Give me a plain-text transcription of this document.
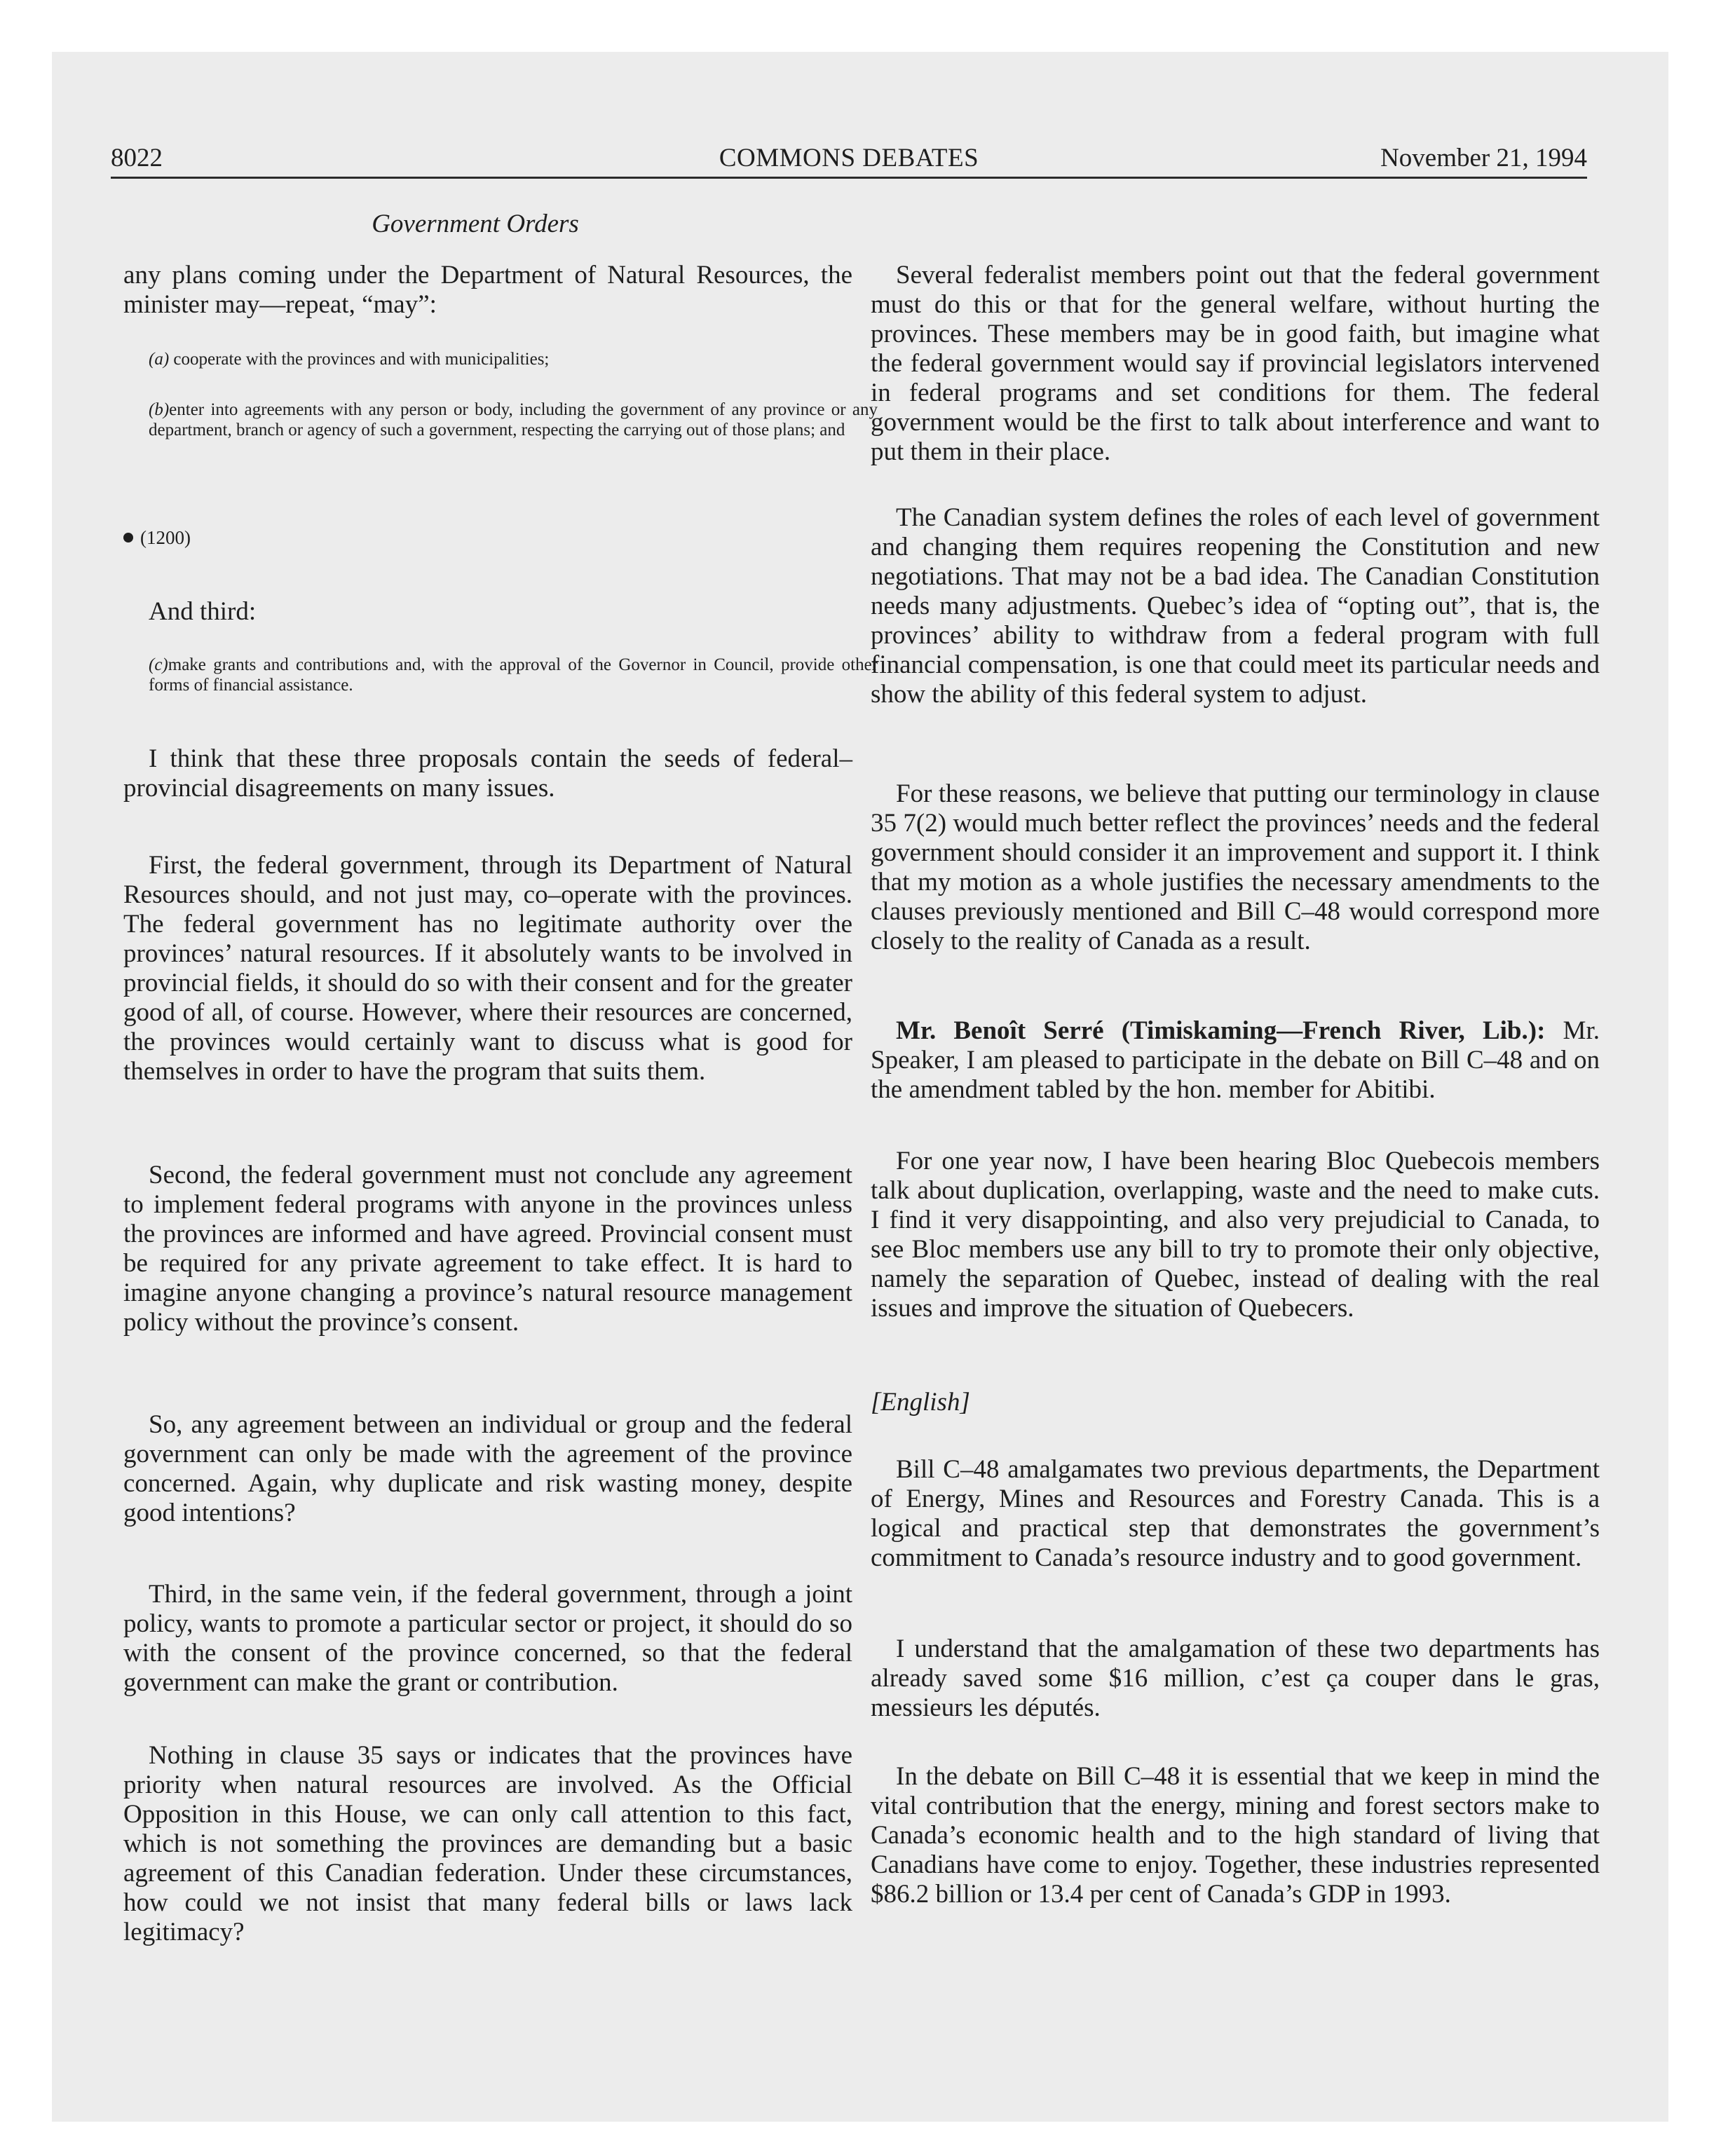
8022	COMMONS DEBATES	November 21, 1994
Government Orders

any plans coming under the Department of Natural Resources, the minister may—repeat, “may”:

(a) cooperate with the provinces and with municipalities;
(b)enter into agreements with any person or body, including the government of any province or any department, branch or agency of such a government, respecting the carrying out of those plans; and
(1200)

And third:

(c)make grants and contributions and, with the approval of the Governor in Council, provide other forms of financial assistance.

I think that these three proposals contain the seeds of federal–provincial disagreements on many issues.

First, the federal government, through its Department of Natural Resources should, and not just may, co–operate with the provinces. The federal government has no legitimate authority over the provinces’ natural resources. If it absolutely wants to be involved in provincial fields, it should do so with their consent and for the greater good of all, of course. However, where their resources are concerned, the provinces would certainly want to discuss what is good for themselves in order to have the program that suits them.

Second, the federal government must not conclude any agreement to implement federal programs with anyone in the provinces unless the provinces are informed and have agreed. Provincial consent must be required for any private agreement to take effect. It is hard to imagine anyone changing a province’s natural resource management policy without the province’s consent.

So, any agreement between an individual or group and the federal government can only be made with the agreement of the province concerned. Again, why duplicate and risk wasting money, despite good intentions?

Third, in the same vein, if the federal government, through a joint policy, wants to promote a particular sector or project, it should do so with the consent of the province concerned, so that the federal government can make the grant or contribution.

Nothing in clause 35 says or indicates that the provinces have priority when natural resources are involved. As the Official Opposition in this House, we can only call attention to this fact, which is not something the provinces are demanding but a basic agreement of this Canadian federation. Under these circumstances, how could we not insist that many federal bills or laws lack legitimacy?

Several federalist members point out that the federal government must do this or that for the general welfare, without hurting the provinces. These members may be in good faith, but imagine what the federal government would say if provincial legislators intervened in federal programs and set conditions for them. The federal government would be the first to talk about interference and want to put them in their place.

The Canadian system defines the roles of each level of government and changing them requires reopening the Constitution and new negotiations. That may not be a bad idea. The Canadian Constitution needs many adjustments. Quebec’s idea of “opting out”, that is, the provinces’ ability to withdraw from a federal program with full financial compensation, is one that could meet its particular needs and show the ability of this federal system to adjust.

For these reasons, we believe that putting our terminology in clause 35 7(2) would much better reflect the provinces’ needs and the federal government should consider it an improvement and support it. I think that my motion as a whole justifies the necessary amendments to the clauses previously mentioned and Bill C–48 would correspond more closely to the reality of Canada as a result.

Mr. Benoît Serré (Timiskaming—French River, Lib.): Mr. Speaker, I am pleased to participate in the debate on Bill C–48 and on the amendment tabled by the hon. member for Abitibi.

For one year now, I have been hearing Bloc Quebecois members talk about duplication, overlapping, waste and the need to make cuts. I find it very disappointing, and also very prejudicial to Canada, to see Bloc members use any bill to try to promote their only objective, namely the separation of Quebec, instead of dealing with the real issues and improve the situation of Quebecers.

[English]

Bill C–48 amalgamates two previous departments, the Department of Energy, Mines and Resources and Forestry Canada. This is a logical and practical step that demonstrates the government’s commitment to Canada’s resource industry and to good government.

I understand that the amalgamation of these two departments has already saved some $16 million, c’est ça couper dans le gras, messieurs les députés.

In the debate on Bill C–48 it is essential that we keep in mind the vital contribution that the energy, mining and forest sectors make to Canada’s economic health and to the high standard of living that Canadians have come to enjoy. Together, these industries represented $86.2 billion or 13.4 per cent of Canada’s GDP in 1993.
